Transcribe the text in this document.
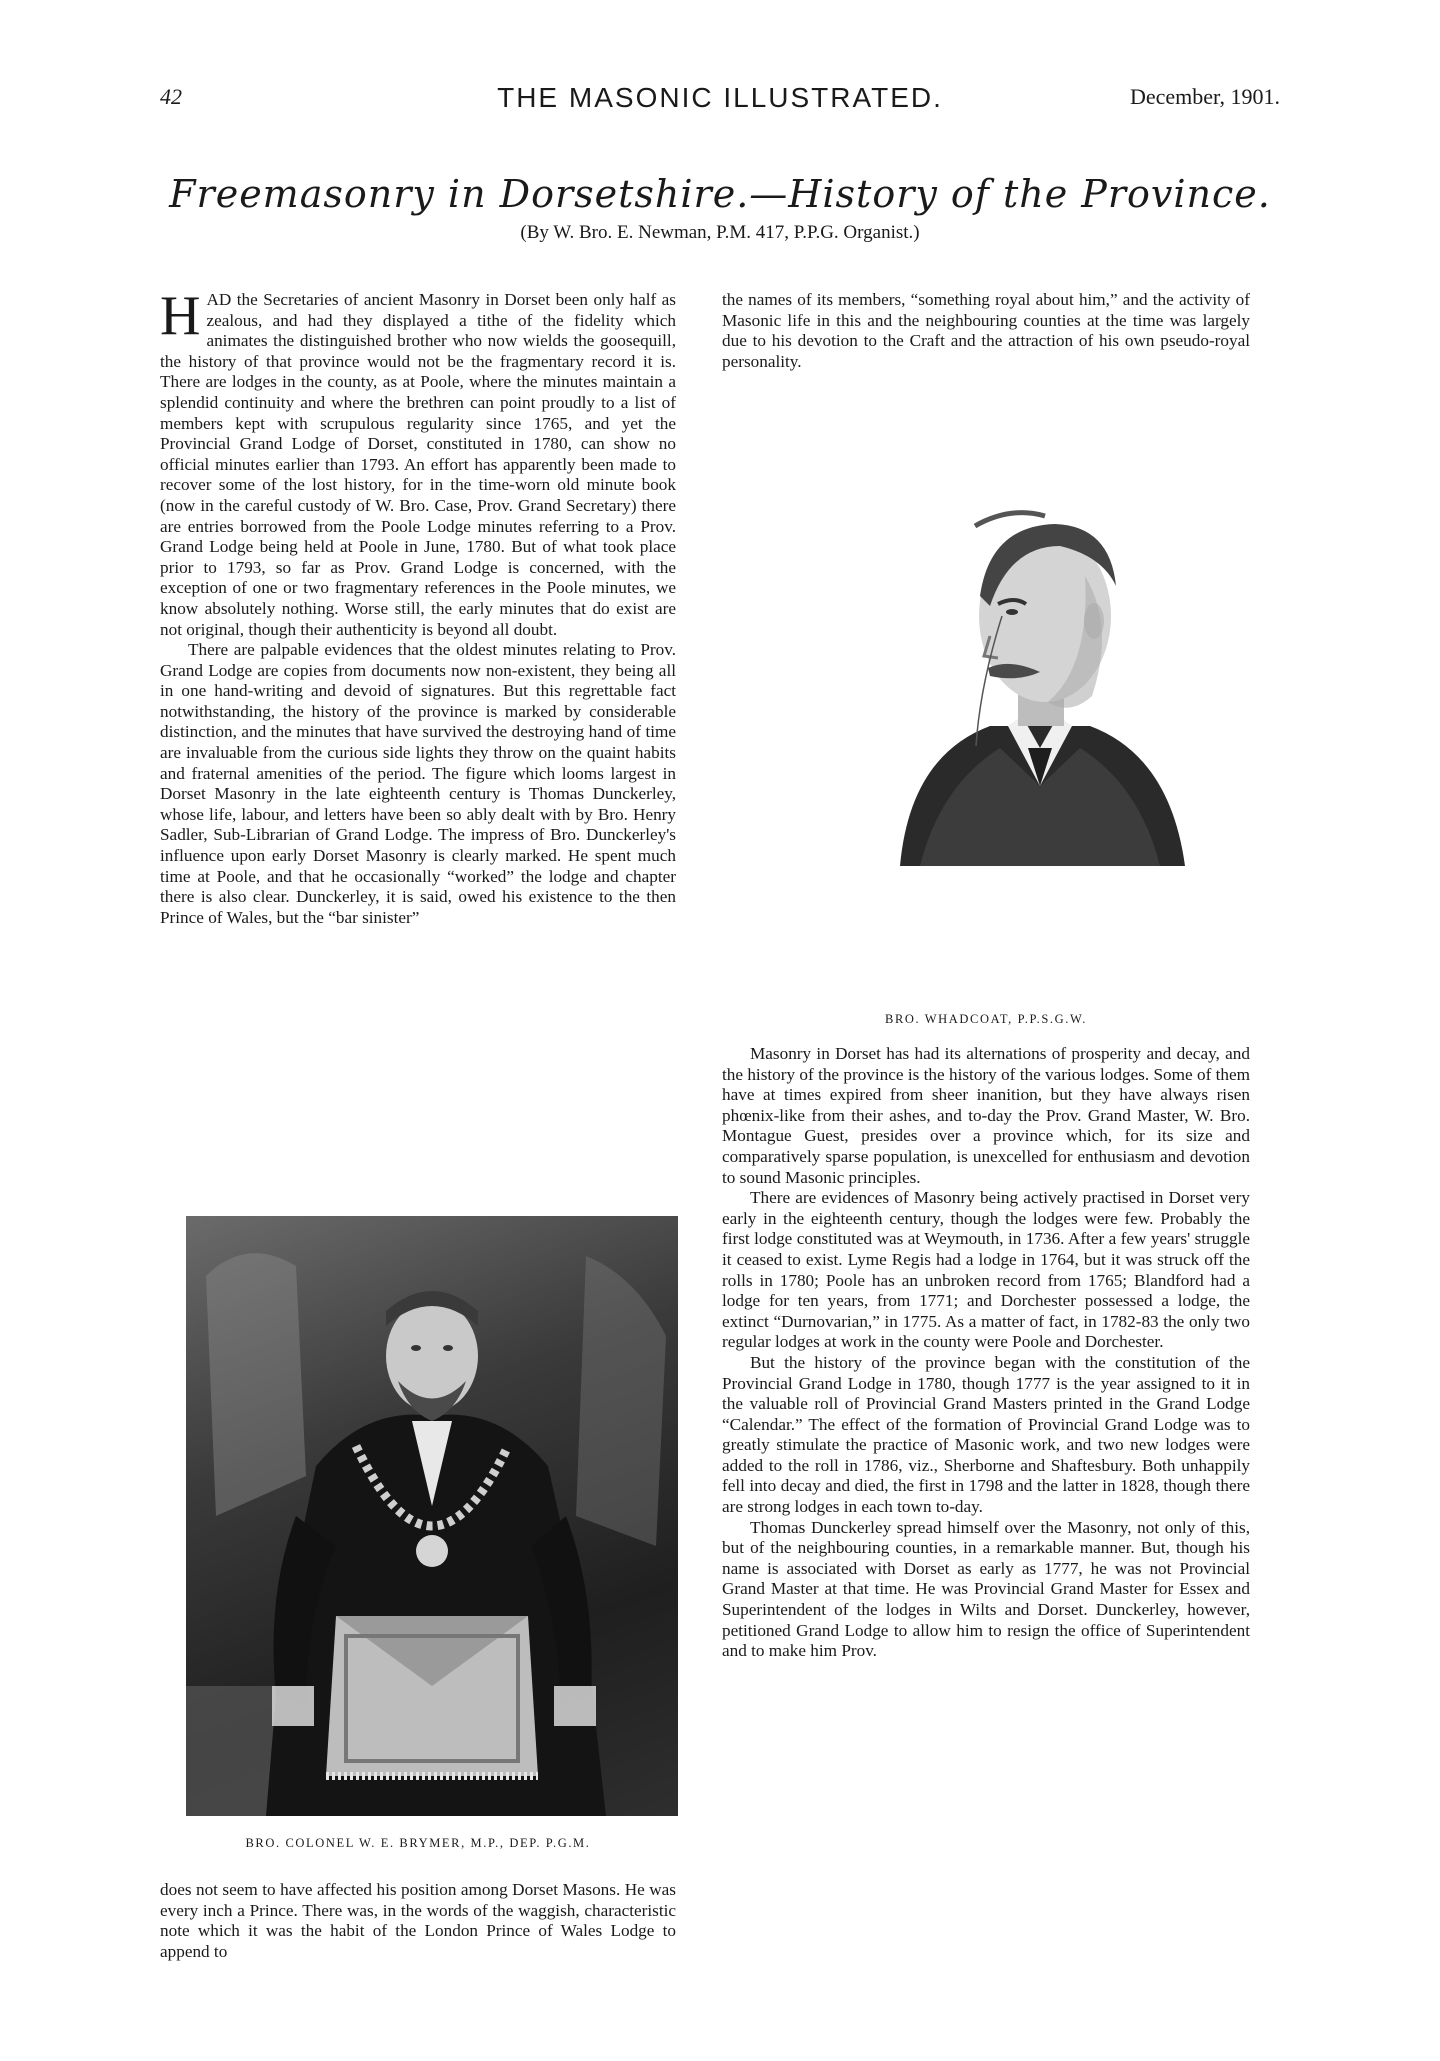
42	THE MASONIC ILLUSTRATED.	December, 1901.
Freemasonry in Dorsetshire.—History of the Province.
(By W. Bro. E. Newman, P.M. 417, P.P.G. Organist.)

HAD the Secretaries of ancient Masonry in Dorset been only half as zealous, and had they displayed a tithe of the fidelity which animates the distinguished brother who now wields the goosequill, the history of that province would not be the fragmentary record it is. There are lodges in the county, as at Poole, where the minutes maintain a splendid continuity and where the brethren can point proudly to a list of members kept with scrupulous regularity since 1765, and yet the Provincial Grand Lodge of Dorset, constituted in 1780, can show no official minutes earlier than 1793. An effort has apparently been made to recover some of the lost history, for in the time-worn old minute book (now in the careful custody of W. Bro. Case, Prov. Grand Secretary) there are entries borrowed from the Poole Lodge minutes referring to a Prov. Grand Lodge being held at Poole in June, 1780. But of what took place prior to 1793, so far as Prov. Grand Lodge is concerned, with the exception of one or two fragmentary references in the Poole minutes, we know absolutely nothing. Worse still, the early minutes that do exist are not original, though their authenticity is beyond all doubt.

There are palpable evidences that the oldest minutes relating to Prov. Grand Lodge are copies from documents now non-existent, they being all in one hand-writing and devoid of signatures. But this regrettable fact notwithstanding, the history of the province is marked by considerable distinction, and the minutes that have survived the destroying hand of time are invaluable from the curious side lights they throw on the quaint habits and fraternal amenities of the period. The figure which looms largest in Dorset Masonry in the late eighteenth century is Thomas Dunckerley, whose life, labour, and letters have been so ably dealt with by Bro. Henry Sadler, Sub-Librarian of Grand Lodge. The impress of Bro. Dunckerley's influence upon early Dorset Masonry is clearly marked. He spent much time at Poole, and that he occasionally “worked” the lodge and chapter there is also clear. Dunckerley, it is said, owed his existence to the then Prince of Wales, but the “bar sinister”

BRO. COLONEL W. E. BRYMER, M.P., DEP. P.G.M.

does not seem to have affected his position among Dorset Masons. He was every inch a Prince. There was, in the words of the waggish, characteristic note which it was the habit of the London Prince of Wales Lodge to append to

the names of its members, “something royal about him,” and the activity of Masonic life in this and the neighbouring counties at the time was largely due to his devotion to the Craft and the attraction of his own pseudo-royal personality.

BRO. WHADCOAT, P.P.S.G.W.

Masonry in Dorset has had its alternations of prosperity and decay, and the history of the province is the history of the various lodges. Some of them have at times expired from sheer inanition, but they have always risen phœnix-like from their ashes, and to-day the Prov. Grand Master, W. Bro. Montague Guest, presides over a province which, for its size and comparatively sparse population, is unexcelled for enthusiasm and devotion to sound Masonic principles.

There are evidences of Masonry being actively practised in Dorset very early in the eighteenth century, though the lodges were few. Probably the first lodge constituted was at Weymouth, in 1736. After a few years' struggle it ceased to exist. Lyme Regis had a lodge in 1764, but it was struck off the rolls in 1780; Poole has an unbroken record from 1765; Blandford had a lodge for ten years, from 1771; and Dorchester possessed a lodge, the extinct “Durnovarian,” in 1775. As a matter of fact, in 1782-83 the only two regular lodges at work in the county were Poole and Dorchester.

But the history of the province began with the constitution of the Provincial Grand Lodge in 1780, though 1777 is the year assigned to it in the valuable roll of Provincial Grand Masters printed in the Grand Lodge “Calendar.” The effect of the formation of Provincial Grand Lodge was to greatly stimulate the practice of Masonic work, and two new lodges were added to the roll in 1786, viz., Sherborne and Shaftesbury. Both unhappily fell into decay and died, the first in 1798 and the latter in 1828, though there are strong lodges in each town to-day.

Thomas Dunckerley spread himself over the Masonry, not only of this, but of the neighbouring counties, in a remarkable manner. But, though his name is associated with Dorset as early as 1777, he was not Provincial Grand Master at that time. He was Provincial Grand Master for Essex and Superintendent of the lodges in Wilts and Dorset. Dunckerley, however, petitioned Grand Lodge to allow him to resign the office of Superintendent and to make him Prov.
